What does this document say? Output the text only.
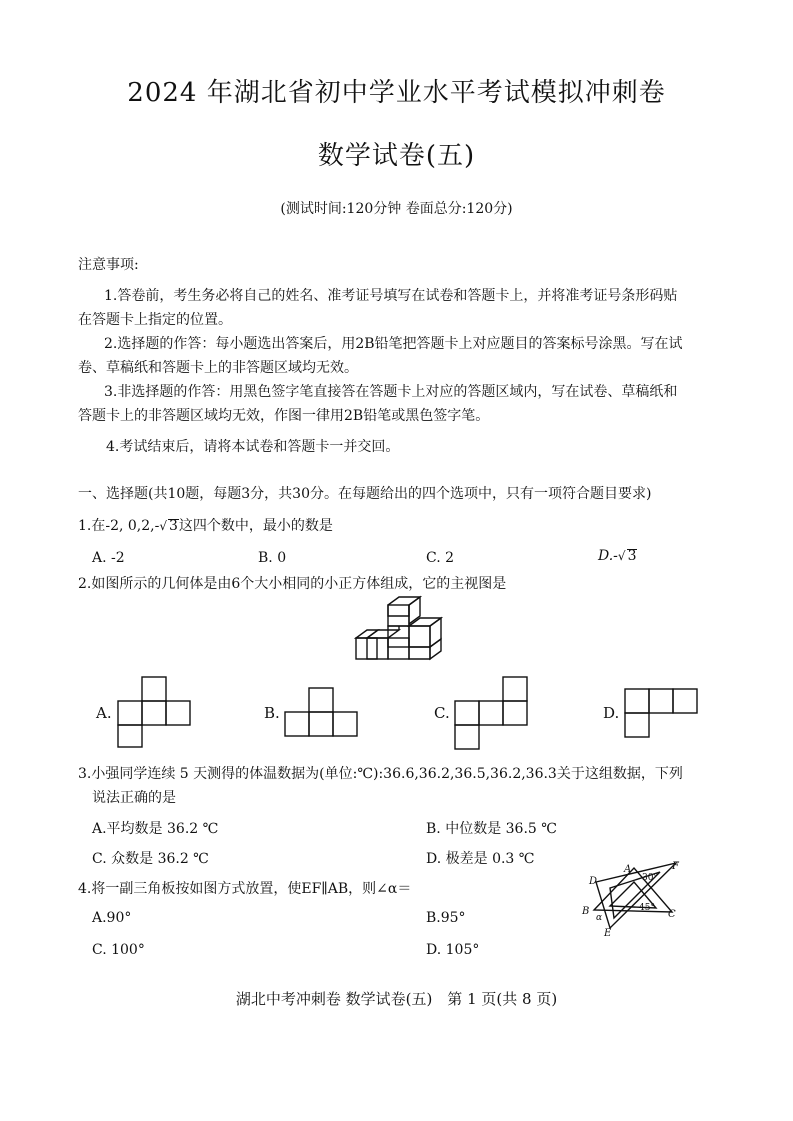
2024 年湖北省初中学业水平考试模拟冲刺卷
数学试卷(五)
(测试时间:120分钟 卷面总分:120分)
注意事项:
1.答卷前，考生务必将自己的姓名、准考证号填写在试卷和答题卡上，并将准考证号条形码贴
在答题卡上指定的位置。
2.选择题的作答：每小题选出答案后，用2B铅笔把答题卡上对应题目的答案标号涂黑。写在试
卷、草稿纸和答题卡上的非答题区域均无效。
3.非选择题的作答：用黑色签字笔直接答在答题卡上对应的答题区域内，写在试卷、草稿纸和
答题卡上的非答题区域均无效，作图一律用2B铅笔或黑色签字笔。
4.考试结束后，请将本试卷和答题卡一并交回。
一、选择题(共10题，每题3分，共30分。在每题给出的四个选项中，只有一项符合题目要求)
1.在-2, 0,2,-√ 3这四个数中，最小的数是
A. -2	B. 0	C. 2	D.-√ 3
2.如图所示的几何体是由6个大小相同的小正方体组成，它的主视图是
A.	B.	C.	D.
3.小强同学连续 5 天测得的体温数据为(单位:℃):36.6,36.2,36.5,36.2,36.3关于这组数据，下列
说法正确的是
A.平均数是 36.2 ℃	B. 中位数是 36.5 ℃
C. 众数是 36.2 ℃	D. 极差是 0.3 ℃
4.将一副三角板按如图方式放置，使EF∥AB，则∠α＝
A.90°	B.95°
C. 100°	D. 105°
D
A	F
30°
B
α
45°
C
E
湖北中考冲刺卷 数学试卷(五)　第 1 页(共 8 页)
